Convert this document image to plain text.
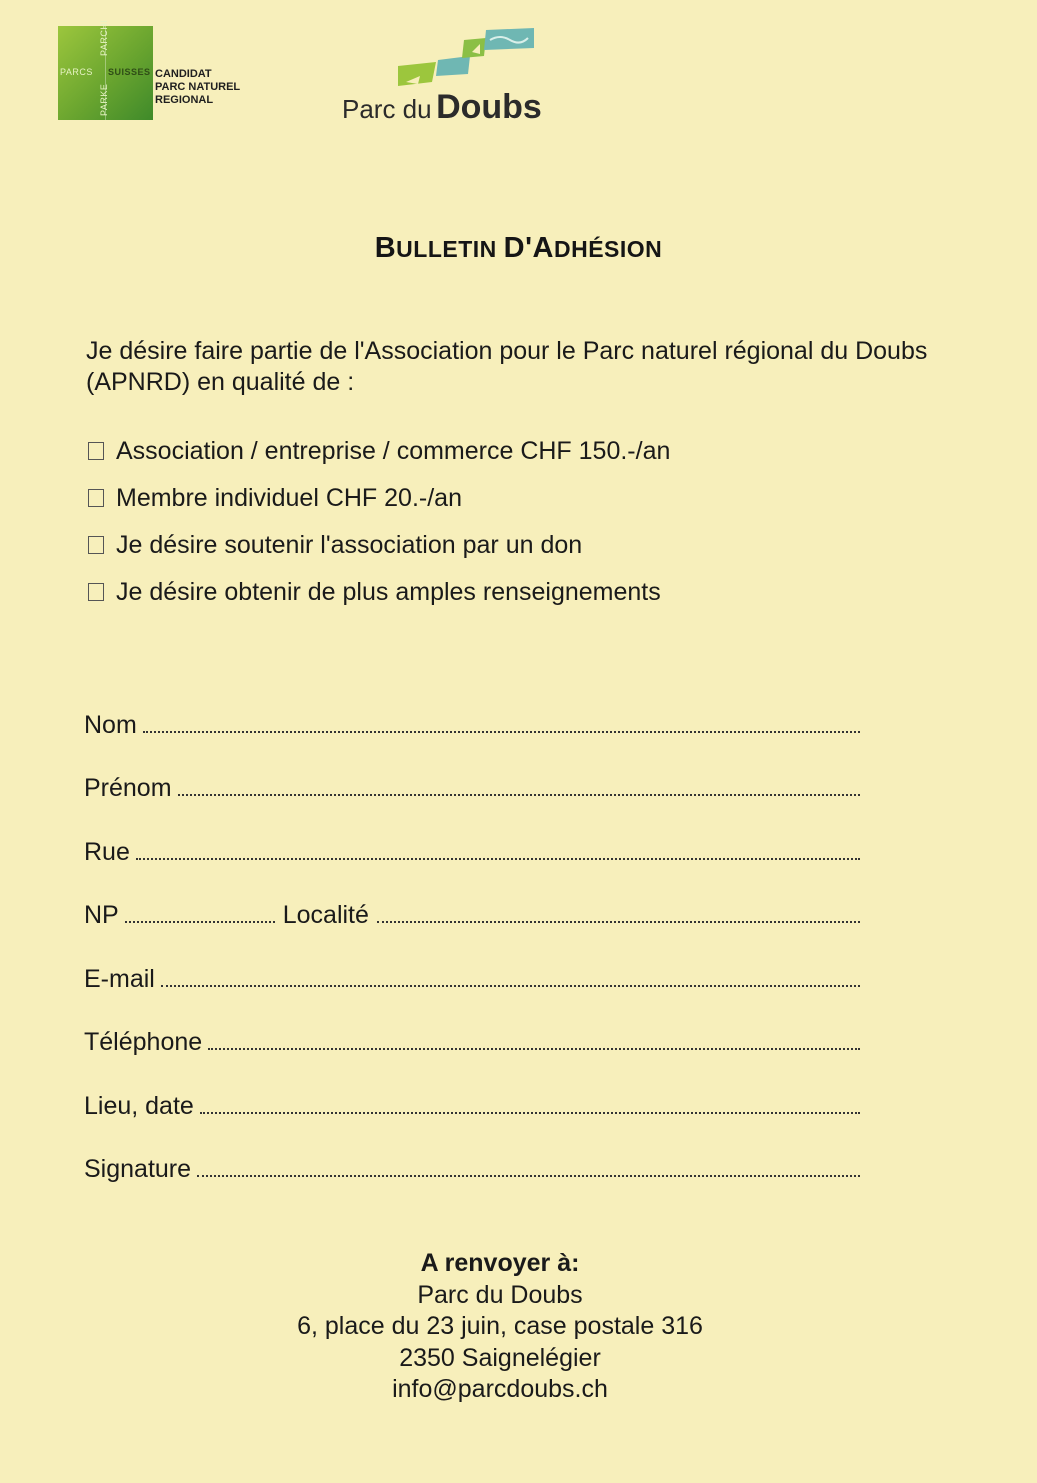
PARCS SUISSES
PARCHI
PARKE
CANDIDAT
PARC NATUREL
REGIONAL	Parc du Doubs
BULLETIN D'ADHÉSION
Je désire faire partie de l'Association pour le Parc naturel régional du Doubs (APNRD) en qualité de :
Association / entreprise / commerce CHF 150.-/an
Membre individuel CHF 20.-/an
Je désire soutenir l'association par un don
Je désire obtenir de plus amples renseignements
Nom
Prénom
Rue
NP	Localité
E-mail
Téléphone
Lieu, date
Signature
A renvoyer à:
Parc du Doubs
6, place du 23 juin, case postale 316
2350 Saignelégier
info@parcdoubs.ch
